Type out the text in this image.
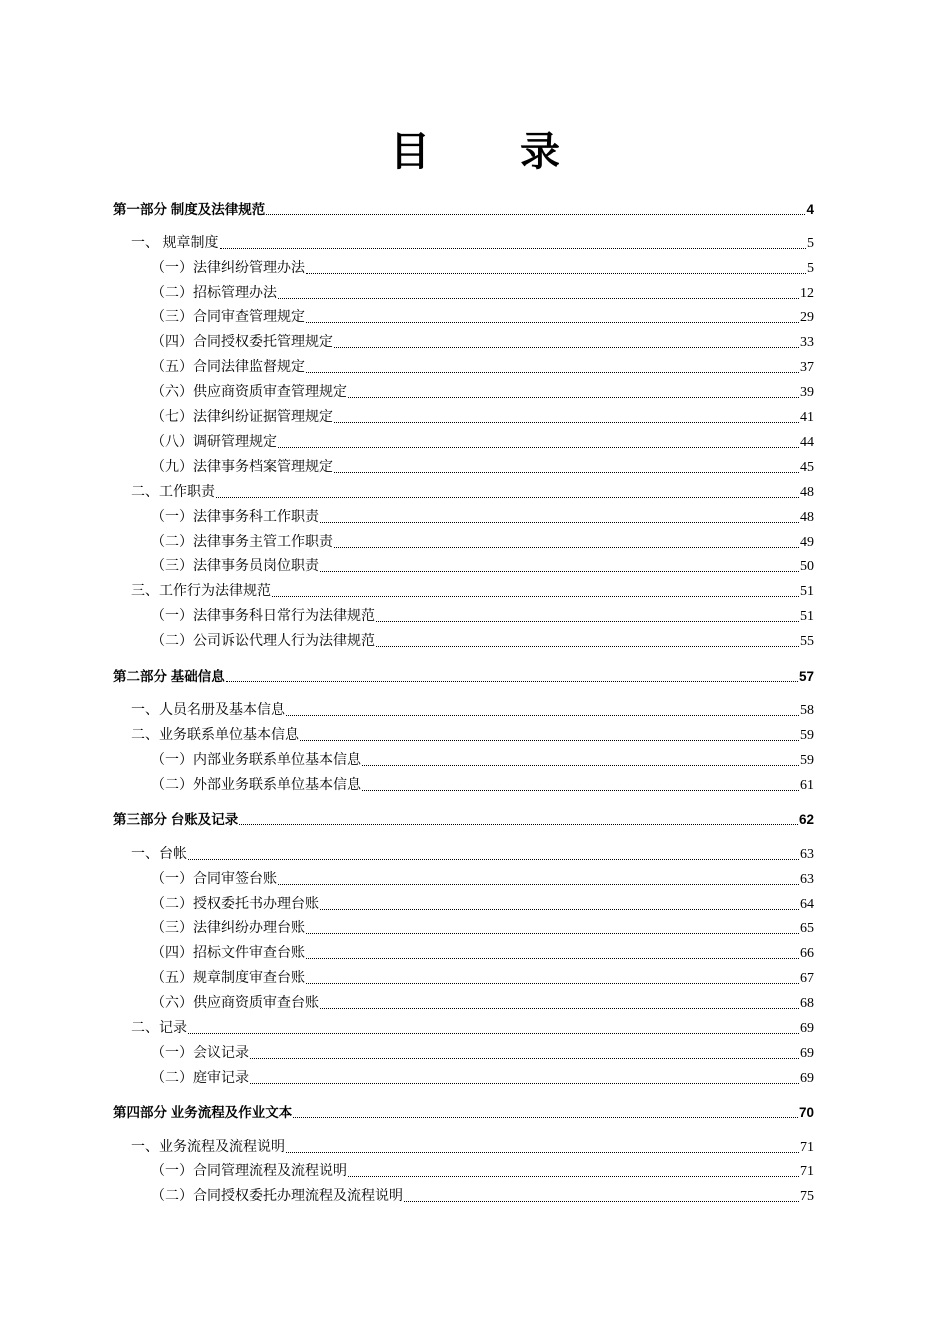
目 录
第一部分 制度及法律规范	4
一、 规章制度	5
（一）法律纠纷管理办法	5
（二）招标管理办法	12
（三）合同审查管理规定	29
（四）合同授权委托管理规定	33
（五）合同法律监督规定	37
（六）供应商资质审查管理规定	39
（七）法律纠纷证据管理规定	41
（八）调研管理规定	44
（九）法律事务档案管理规定	45
二、工作职责	48
（一）法律事务科工作职责	48
（二）法律事务主管工作职责	49
（三）法律事务员岗位职责	50
三、工作行为法律规范	51
（一）法律事务科日常行为法律规范	51
（二）公司诉讼代理人行为法律规范	55
第二部分 基础信息	57
一、人员名册及基本信息	58
二、业务联系单位基本信息	59
（一）内部业务联系单位基本信息	59
（二）外部业务联系单位基本信息	61
第三部分 台账及记录	62
一、台帐	63
（一）合同审签台账	63
（二）授权委托书办理台账	64
（三）法律纠纷办理台账	65
（四）招标文件审查台账	66
（五）规章制度审查台账	67
（六）供应商资质审查台账	68
二、记录	69
（一）会议记录	69
（二）庭审记录	69
第四部分 业务流程及作业文本	70
一、业务流程及流程说明	71
（一）合同管理流程及流程说明	71
（二）合同授权委托办理流程及流程说明	75
